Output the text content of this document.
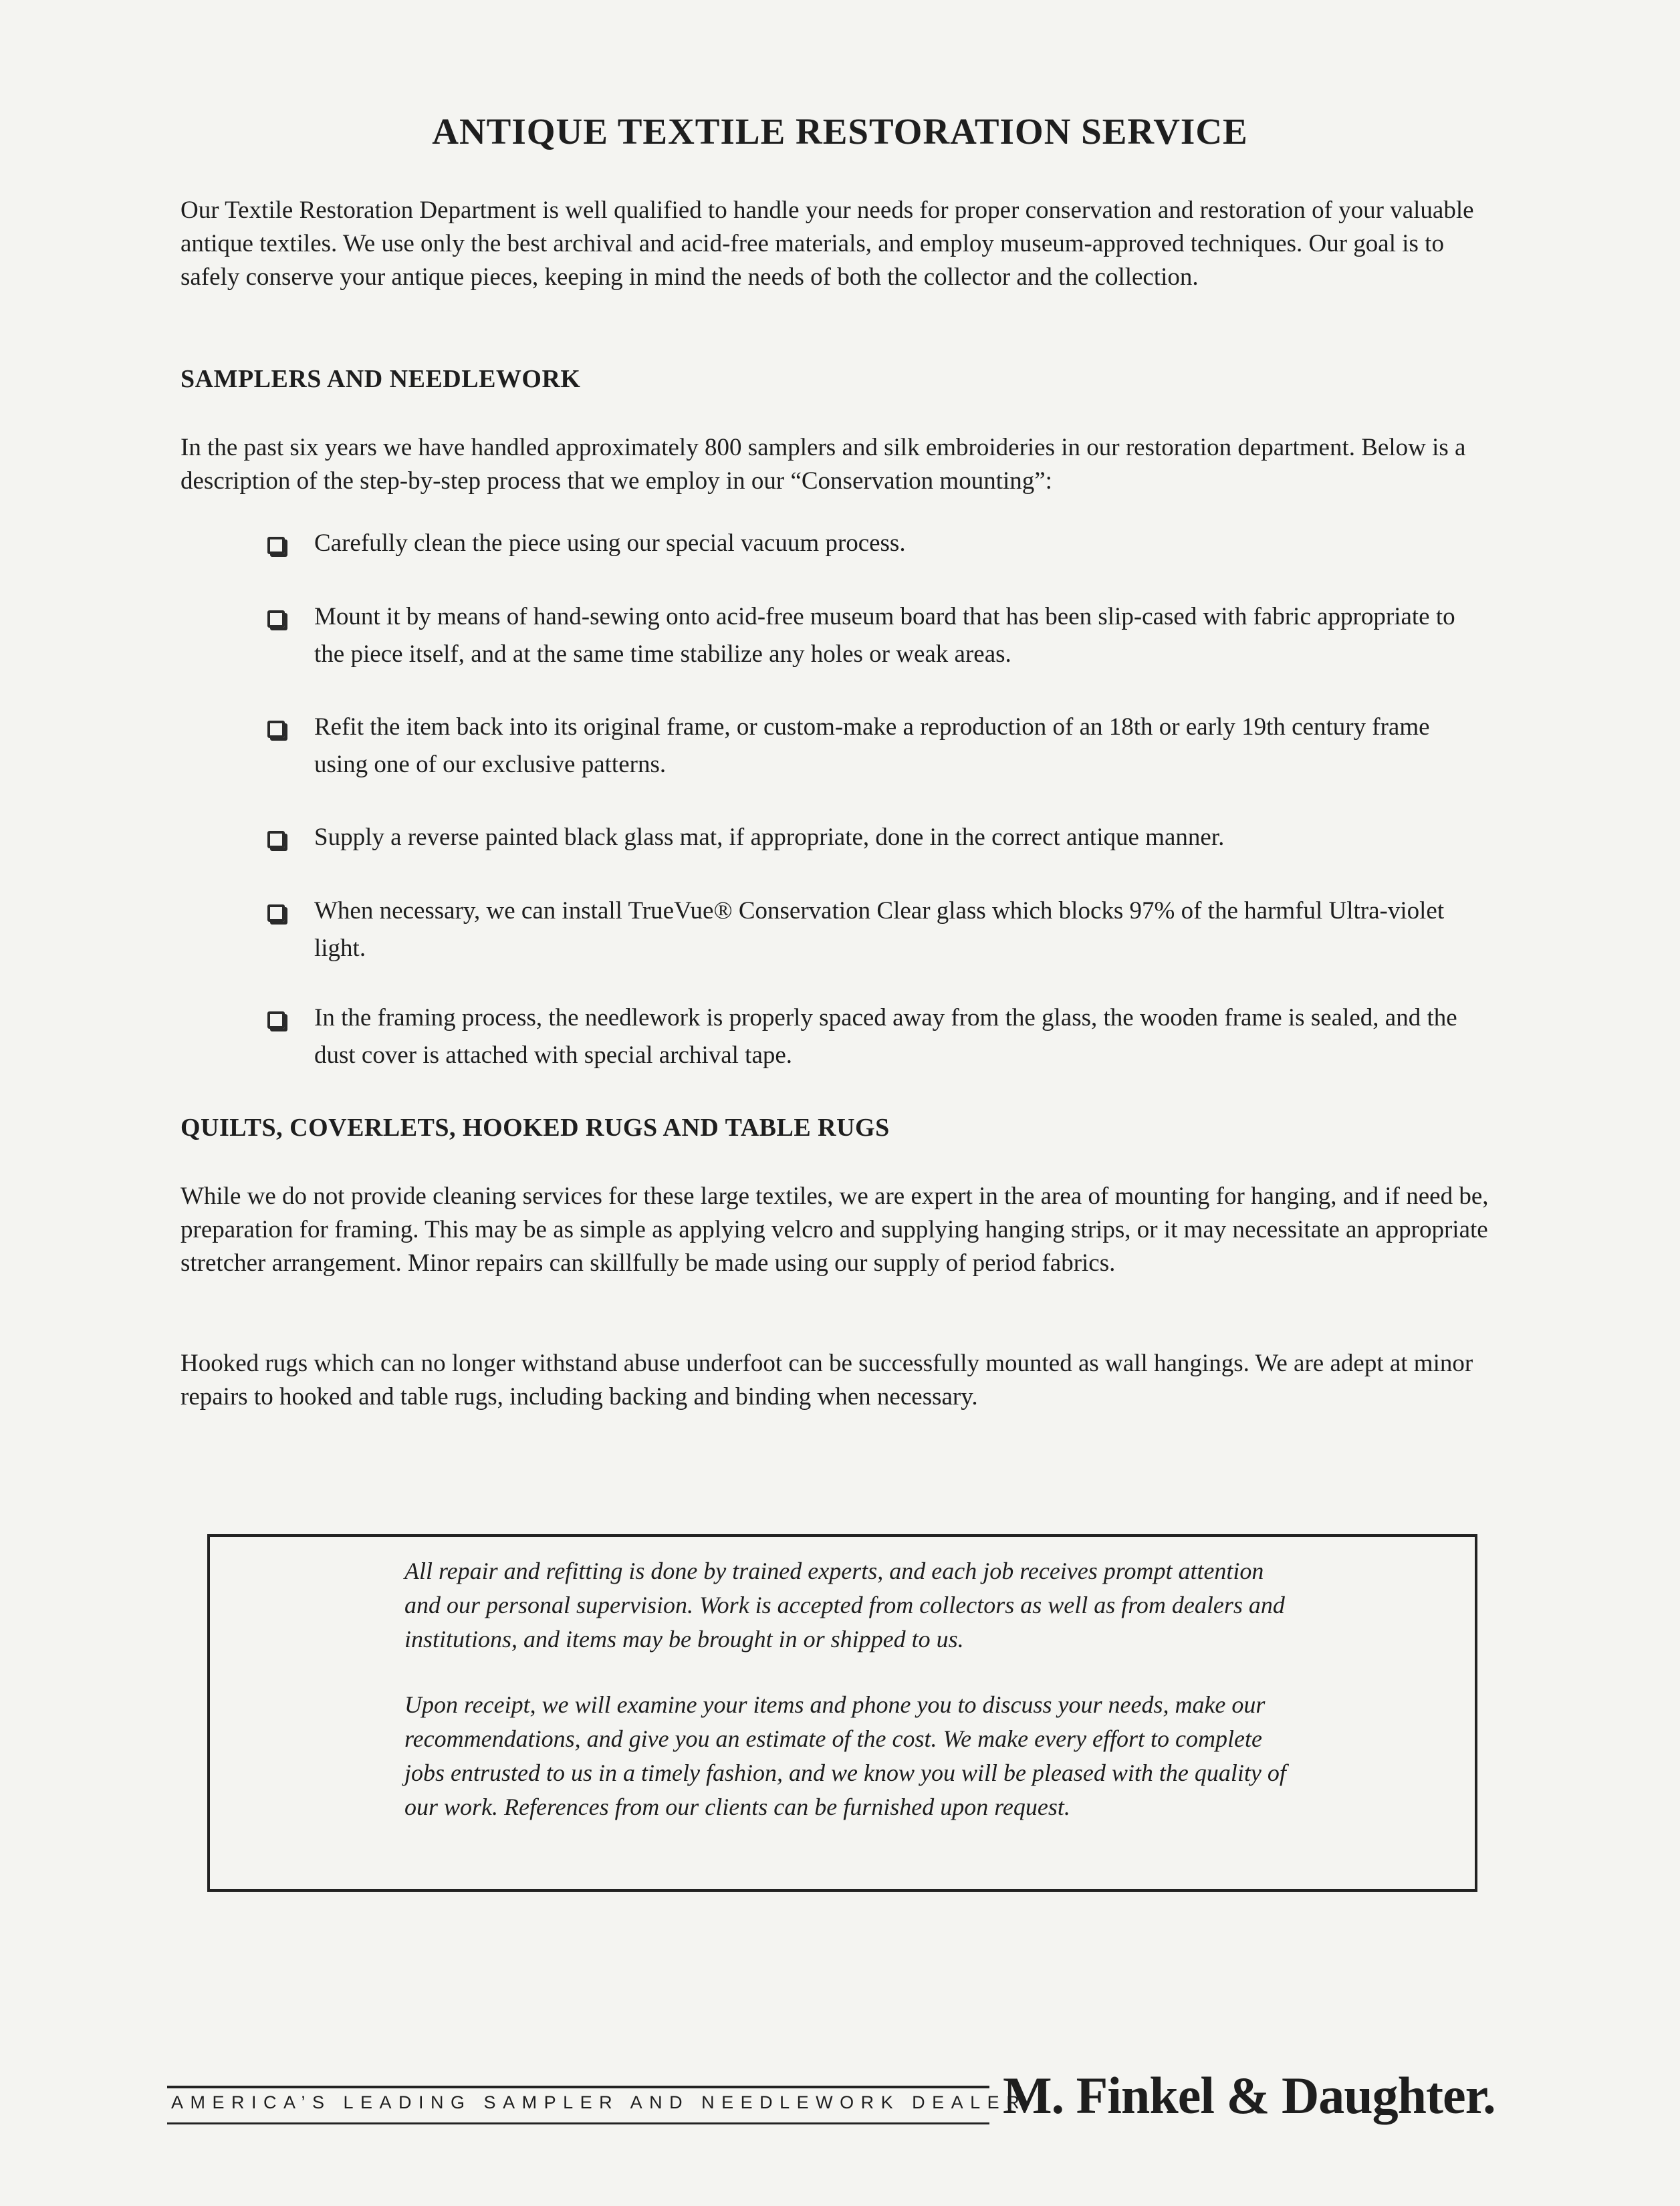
ANTIQUE TEXTILE RESTORATION SERVICE

Our Textile Restoration Department is well qualified to handle your needs for proper conservation and restoration of your valuable antique textiles. We use only the best archival and acid-free materials, and employ museum-approved techniques. Our goal is to safely conserve your antique pieces, keeping in mind the needs of both the collector and the collection.

SAMPLERS AND NEEDLEWORK

In the past six years we have handled approximately 800 samplers and silk embroideries in our restoration department. Below is a description of the step-by-step process that we employ in our “Conservation mounting”:

Carefully clean the piece using our special vacuum process.

Mount it by means of hand-sewing onto acid-free museum board that has been slip-cased with fabric appropriate to the piece itself, and at the same time stabilize any holes or weak areas.

Refit the item back into its original frame, or custom-make a reproduction of an 18th or early 19th century frame using one of our exclusive patterns.

Supply a reverse painted black glass mat, if appropriate, done in the correct antique manner.

When necessary, we can install TrueVue® Conservation Clear glass which blocks 97% of the harmful Ultra-violet light.

In the framing process, the needlework is properly spaced away from the glass, the wooden frame is sealed, and the dust cover is attached with special archival tape.

QUILTS, COVERLETS, HOOKED RUGS AND TABLE RUGS

While we do not provide cleaning services for these large textiles, we are expert in the area of mounting for hanging, and if need be, preparation for framing. This may be as simple as applying velcro and supplying hanging strips, or it may necessitate an appropriate stretcher arrangement. Minor repairs can skillfully be made using our supply of period fabrics.

Hooked rugs which can no longer withstand abuse underfoot can be successfully mounted as wall hangings. We are adept at minor repairs to hooked and table rugs, including backing and binding when necessary.

All repair and refitting is done by trained experts, and each job receives prompt attention and our personal supervision. Work is accepted from collectors as well as from dealers and institutions, and items may be brought in or shipped to us.

Upon receipt, we will examine your items and phone you to discuss your needs, make our recommendations, and give you an estimate of the cost. We make every effort to complete jobs entrusted to us in a timely fashion, and we know you will be pleased with the quality of our work. References from our clients can be furnished upon request.

AMERICA’S LEADING SAMPLER AND NEEDLEWORK DEALER

M. Finkel & Daughter.
